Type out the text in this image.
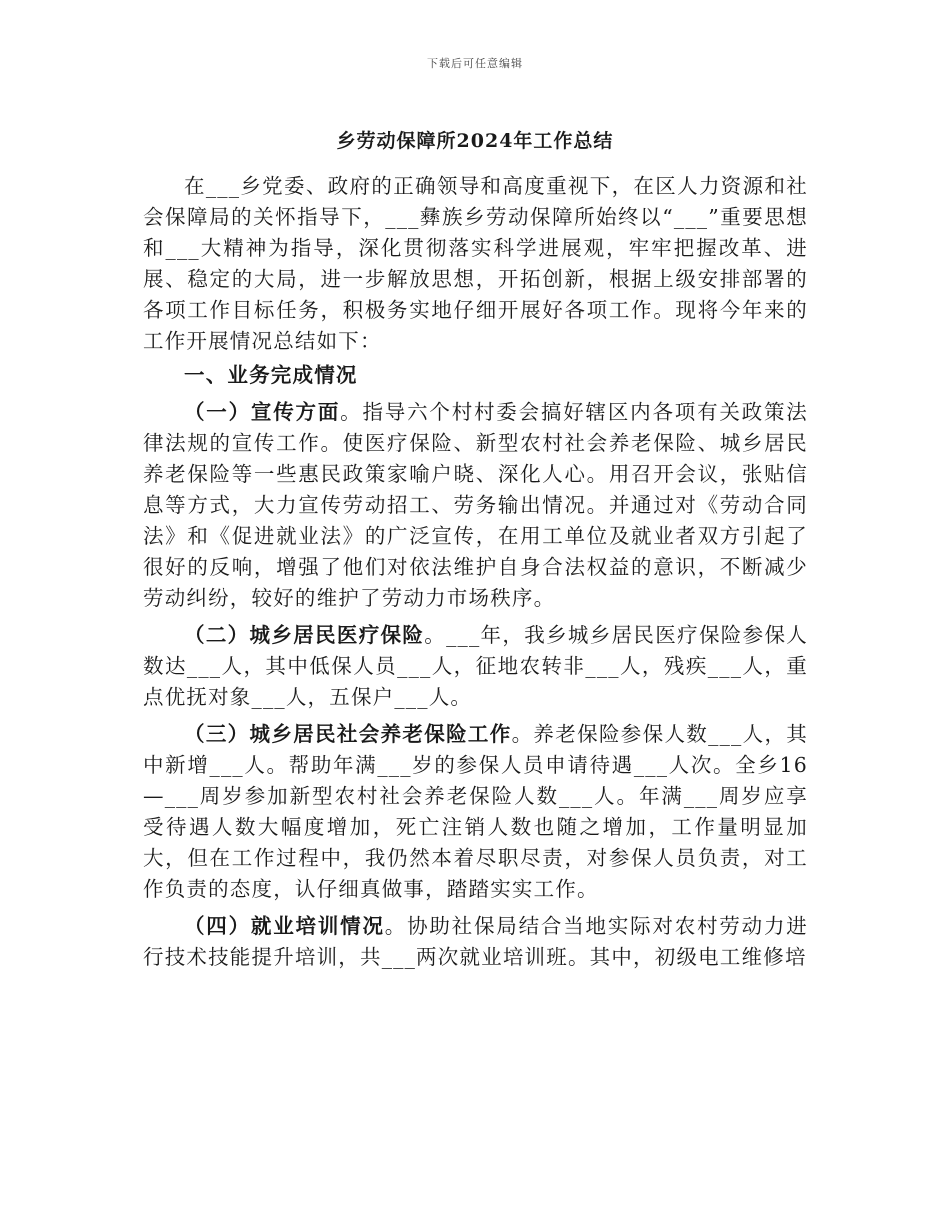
下载后可任意编辑
乡劳动保障所2024年工作总结

在___乡党委、政府的正确领导和高度重视下，在区人力资源和社会保障局的关怀指导下，___彝族乡劳动保障所始终以“___”重要思想和___大精神为指导，深化贯彻落实科学进展观，牢牢把握改革、进展、稳定的大局，进一步解放思想，开拓创新，根据上级安排部署的各项工作目标任务，积极务实地仔细开展好各项工作。现将今年来的工作开展情况总结如下：

一、业务完成情况

（一）宣传方面。指导六个村村委会搞好辖区内各项有关政策法律法规的宣传工作。使医疗保险、新型农村社会养老保险、城乡居民养老保险等一些惠民政策家喻户晓、深化人心。用召开会议，张贴信息等方式，大力宣传劳动招工、劳务输出情况。并通过对《劳动合同法》和《促进就业法》的广泛宣传，在用工单位及就业者双方引起了很好的反响，增强了他们对依法维护自身合法权益的意识，不断减少劳动纠纷，较好的维护了劳动力市场秩序。

（二）城乡居民医疗保险。___年，我乡城乡居民医疗保险参保人数达___人，其中低保人员___人，征地农转非___人，残疾___人，重点优抚对象___人，五保户___人。

（三）城乡居民社会养老保险工作。养老保险参保人数___人，其中新增___人。帮助年满___岁的参保人员申请待遇___人次。全乡16—___周岁参加新型农村社会养老保险人数___人。年满___周岁应享受待遇人数大幅度增加，死亡注销人数也随之增加，工作量明显加大，但在工作过程中，我仍然本着尽职尽责，对参保人员负责，对工作负责的态度，认仔细真做事，踏踏实实工作。

（四）就业培训情况。协助社保局结合当地实际对农村劳动力进行技术技能提升培训，共___两次就业培训班。其中，初级电工维修培
